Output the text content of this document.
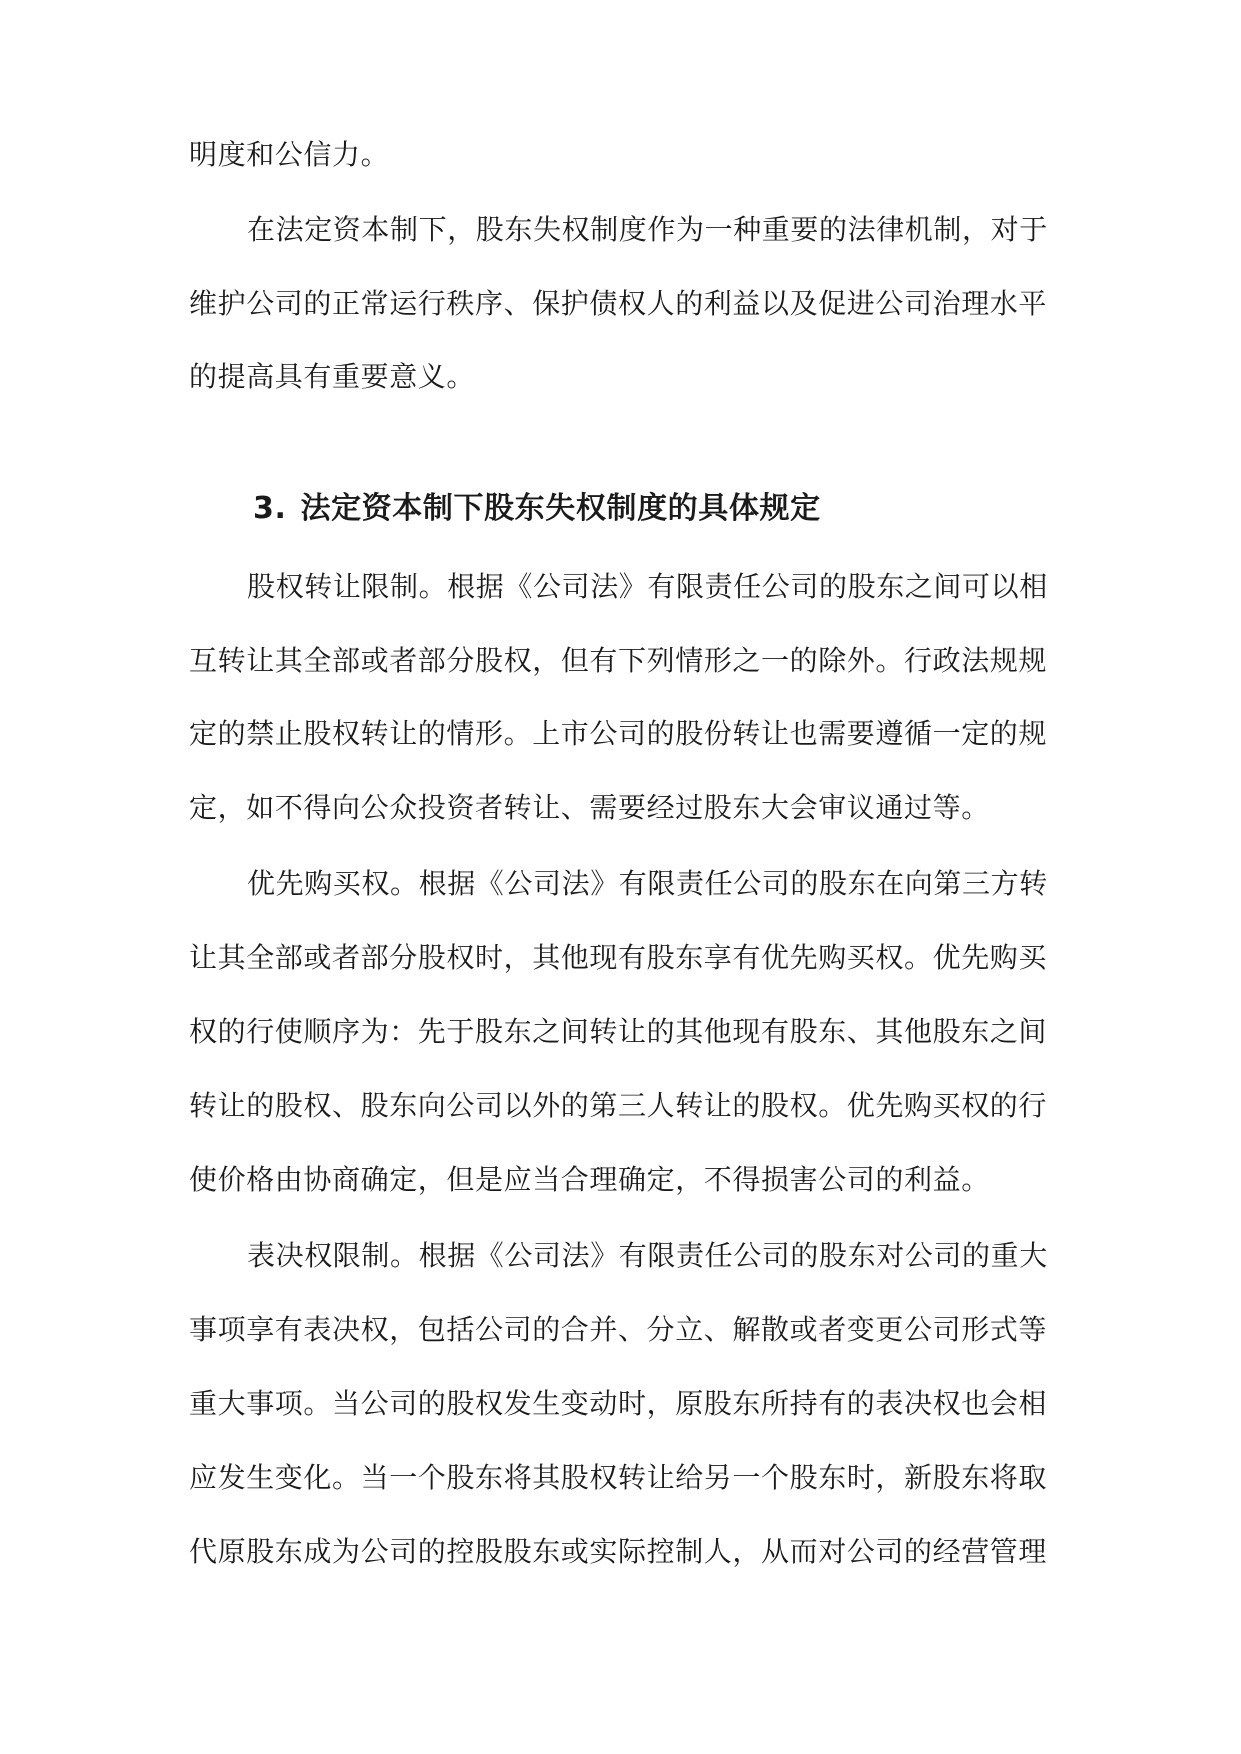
明度和公信力。
在法定资本制下，股东失权制度作为一种重要的法律机制，对于
维护公司的正常运行秩序、保护债权人的利益以及促进公司治理水平
的提高具有重要意义。
3. 法定资本制下股东失权制度的具体规定
股权转让限制。根据《公司法》有限责任公司的股东之间可以相
互转让其全部或者部分股权，但有下列情形之一的除外。行政法规规
定的禁止股权转让的情形。上市公司的股份转让也需要遵循一定的规
定，如不得向公众投资者转让、需要经过股东大会审议通过等。
优先购买权。根据《公司法》有限责任公司的股东在向第三方转
让其全部或者部分股权时，其他现有股东享有优先购买权。优先购买
权的行使顺序为：先于股东之间转让的其他现有股东、其他股东之间
转让的股权、股东向公司以外的第三人转让的股权。优先购买权的行
使价格由协商确定，但是应当合理确定，不得损害公司的利益。
表决权限制。根据《公司法》有限责任公司的股东对公司的重大
事项享有表决权，包括公司的合并、分立、解散或者变更公司形式等
重大事项。当公司的股权发生变动时，原股东所持有的表决权也会相
应发生变化。当一个股东将其股权转让给另一个股东时，新股东将取
代原股东成为公司的控股股东或实际控制人，从而对公司的经营管理
